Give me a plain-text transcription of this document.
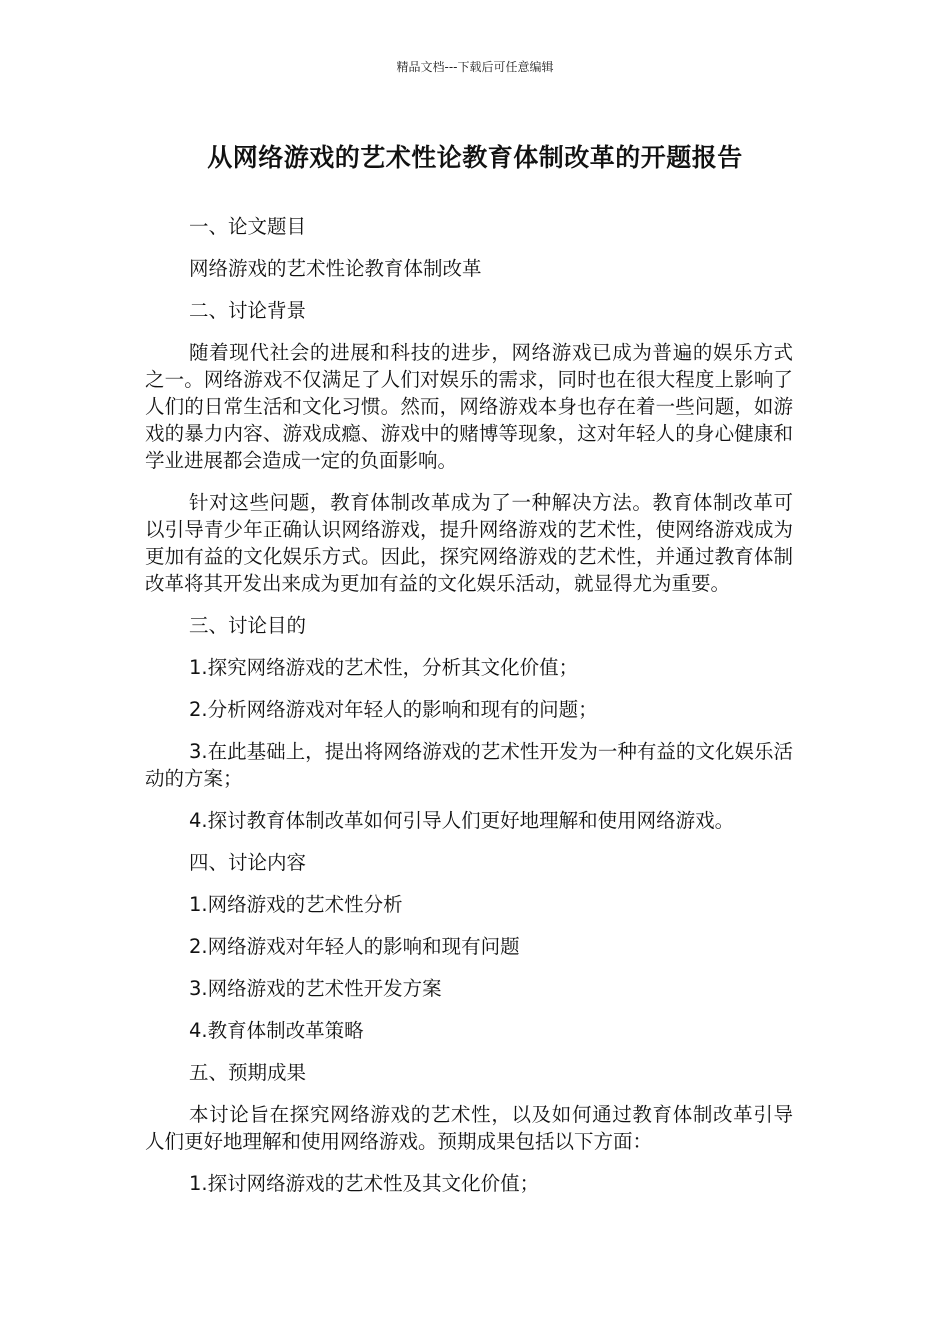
精品文档---下载后可任意编辑
从网络游戏的艺术性论教育体制改革的开题报告

一、论文题目

网络游戏的艺术性论教育体制改革

二、讨论背景

随着现代社会的进展和科技的进步，网络游戏已成为普遍的娱乐方式之一。网络游戏不仅满足了人们对娱乐的需求，同时也在很大程度上影响了人们的日常生活和文化习惯。然而，网络游戏本身也存在着一些问题，如游戏的暴力内容、游戏成瘾、游戏中的赌博等现象，这对年轻人的身心健康和学业进展都会造成一定的负面影响。

针对这些问题，教育体制改革成为了一种解决方法。教育体制改革可以引导青少年正确认识网络游戏，提升网络游戏的艺术性，使网络游戏成为更加有益的文化娱乐方式。因此，探究网络游戏的艺术性，并通过教育体制改革将其开发出来成为更加有益的文化娱乐活动，就显得尤为重要。

三、讨论目的

1.探究网络游戏的艺术性，分析其文化价值；

2.分析网络游戏对年轻人的影响和现有的问题；

3.在此基础上，提出将网络游戏的艺术性开发为一种有益的文化娱乐活动的方案；

4.探讨教育体制改革如何引导人们更好地理解和使用网络游戏。

四、讨论内容

1.网络游戏的艺术性分析

2.网络游戏对年轻人的影响和现有问题

3.网络游戏的艺术性开发方案

4.教育体制改革策略

五、预期成果

本讨论旨在探究网络游戏的艺术性，以及如何通过教育体制改革引导人们更好地理解和使用网络游戏。预期成果包括以下方面：

1.探讨网络游戏的艺术性及其文化价值；
